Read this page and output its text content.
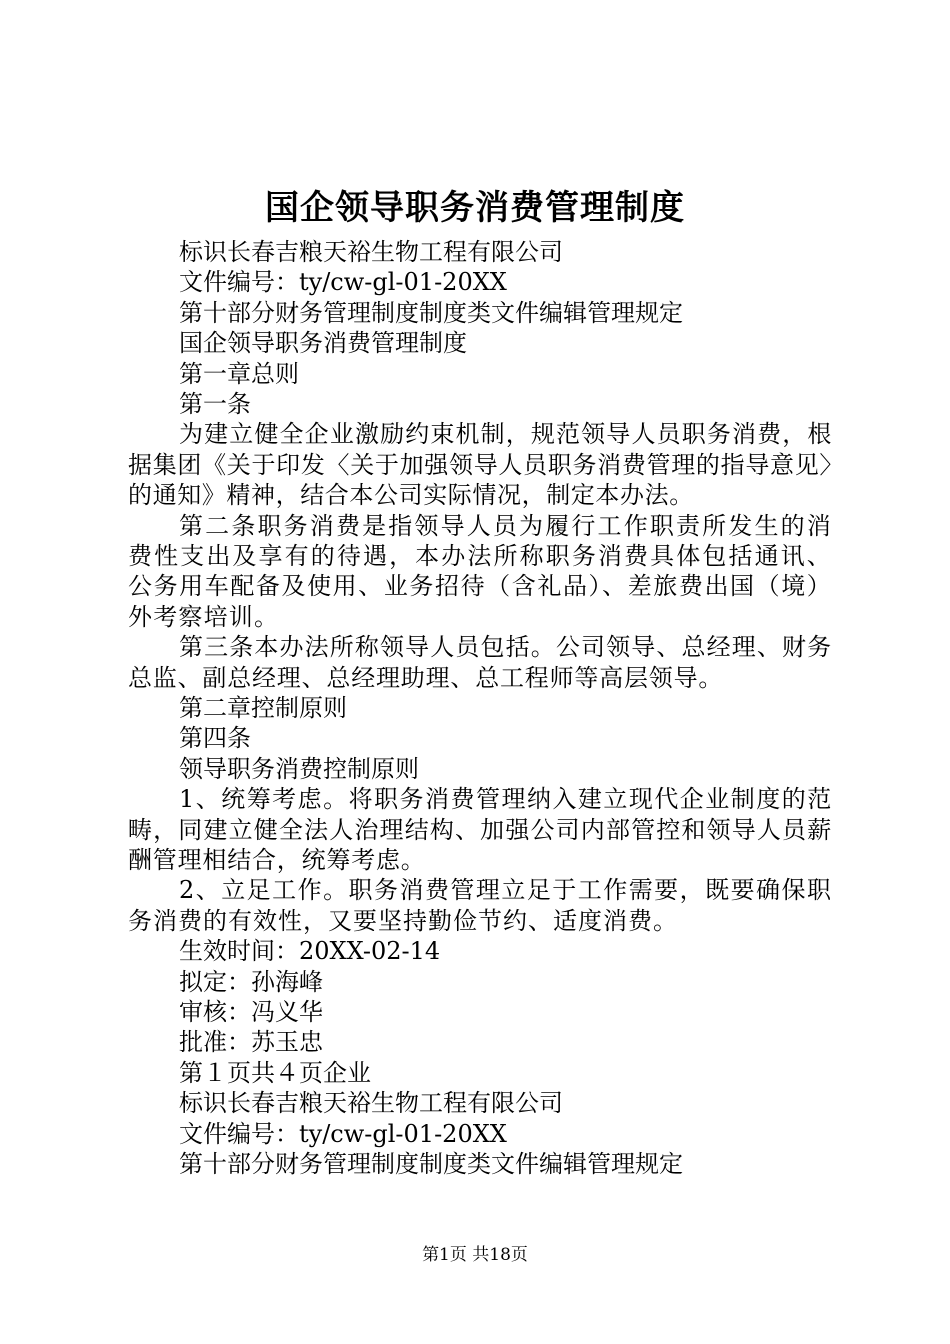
国企领导职务消费管理制度
标识长春吉粮天裕生物工程有限公司
文件编号：ty/cw-gl-01-20XX
第十部分财务管理制度制度类文件编辑管理规定
国企领导职务消费管理制度
第一章总则
第一条

为建立健全企业激励约束机制，规范领导人员职务消费，根据集团《关于印发〈关于加强领导人员职务消费管理的指导意见〉的通知》精神，结合本公司实际情况，制定本办法。

第二条职务消费是指领导人员为履行工作职责所发生的消费性支出及享有的待遇，本办法所称职务消费具体包括通讯、公务用车配备及使用、业务招待（含礼品）、差旅费出国（境）外考察培训。

第三条本办法所称领导人员包括。公司领导、总经理、财务总监、副总经理、总经理助理、总工程师等高层领导。

第二章控制原则
第四条
领导职务消费控制原则

1、统筹考虑。将职务消费管理纳入建立现代企业制度的范畴，同建立健全法人治理结构、加强公司内部管控和领导人员薪酬管理相结合，统筹考虑。

2、立足工作。职务消费管理立足于工作需要，既要确保职务消费的有效性，又要坚持勤俭节约、适度消费。

生效时间：20XX-02-14
拟定：孙海峰
审核：冯义华
批准：苏玉忠
第１页共４页企业
标识长春吉粮天裕生物工程有限公司
文件编号：ty/cw-gl-01-20XX
第十部分财务管理制度制度类文件编辑管理规定
第1页 共18页
